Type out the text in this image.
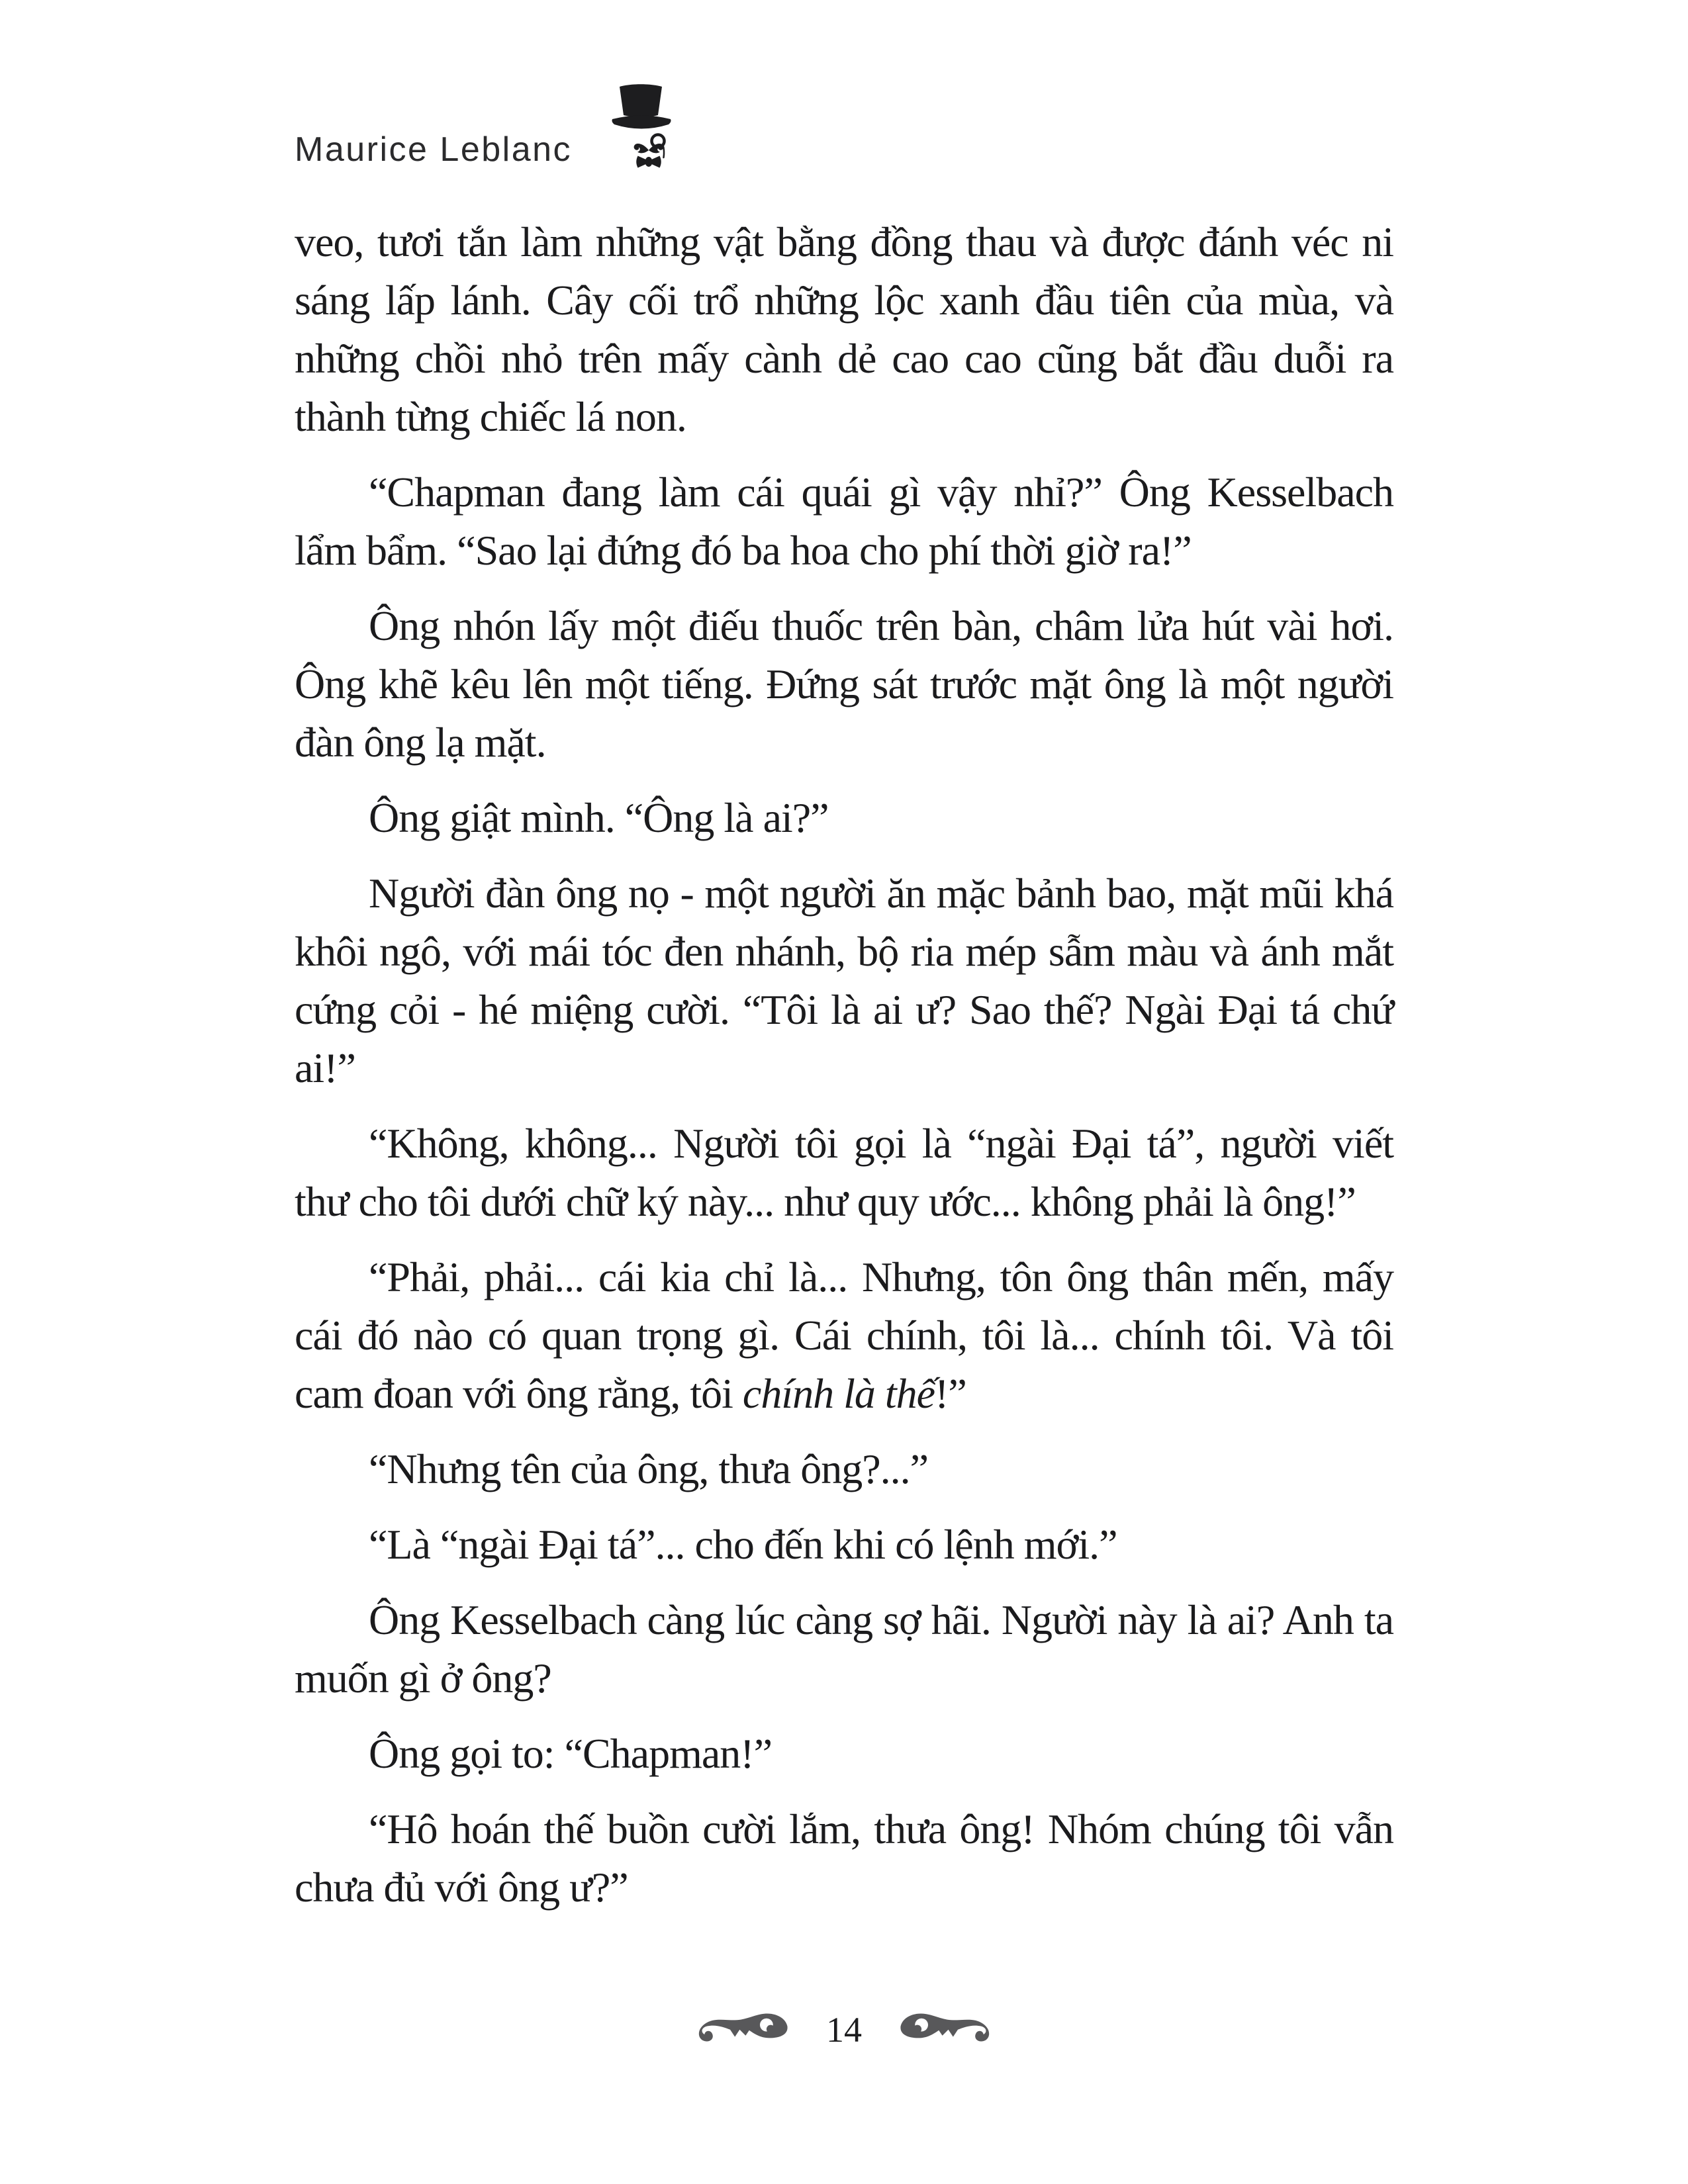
Maurice Leblanc

veo, tươi tắn làm những vật bằng đồng thau và được đánh véc ni sáng lấp lánh. Cây cối trổ những lộc xanh đầu tiên của mùa, và những chồi nhỏ trên mấy cành dẻ cao cao cũng bắt đầu duỗi ra thành từng chiếc lá non.

“Chapman đang làm cái quái gì vậy nhỉ?” Ông Kesselbach lẩm bẩm. “Sao lại đứng đó ba hoa cho phí thời giờ ra!”

Ông nhón lấy một điếu thuốc trên bàn, châm lửa hút vài hơi. Ông khẽ kêu lên một tiếng. Đứng sát trước mặt ông là một người đàn ông lạ mặt.

Ông giật mình. “Ông là ai?”

Người đàn ông nọ - một người ăn mặc bảnh bao, mặt mũi khá khôi ngô, với mái tóc đen nhánh, bộ ria mép sẫm màu và ánh mắt cứng cỏi - hé miệng cười. “Tôi là ai ư? Sao thế? Ngài Đại tá chứ ai!”

“Không, không... Người tôi gọi là “ngài Đại tá”, người viết thư cho tôi dưới chữ ký này... như quy ước... không phải là ông!”

“Phải, phải... cái kia chỉ là... Nhưng, tôn ông thân mến, mấy cái đó nào có quan trọng gì. Cái chính, tôi là... chính tôi. Và tôi cam đoan với ông rằng, tôi chính là thế!”

“Nhưng tên của ông, thưa ông?...”

“Là “ngài Đại tá”... cho đến khi có lệnh mới.”

Ông Kesselbach càng lúc càng sợ hãi. Người này là ai? Anh ta muốn gì ở ông?

Ông gọi to: “Chapman!”

“Hô hoán thế buồn cười lắm, thưa ông! Nhóm chúng tôi vẫn chưa đủ với ông ư?”

14
